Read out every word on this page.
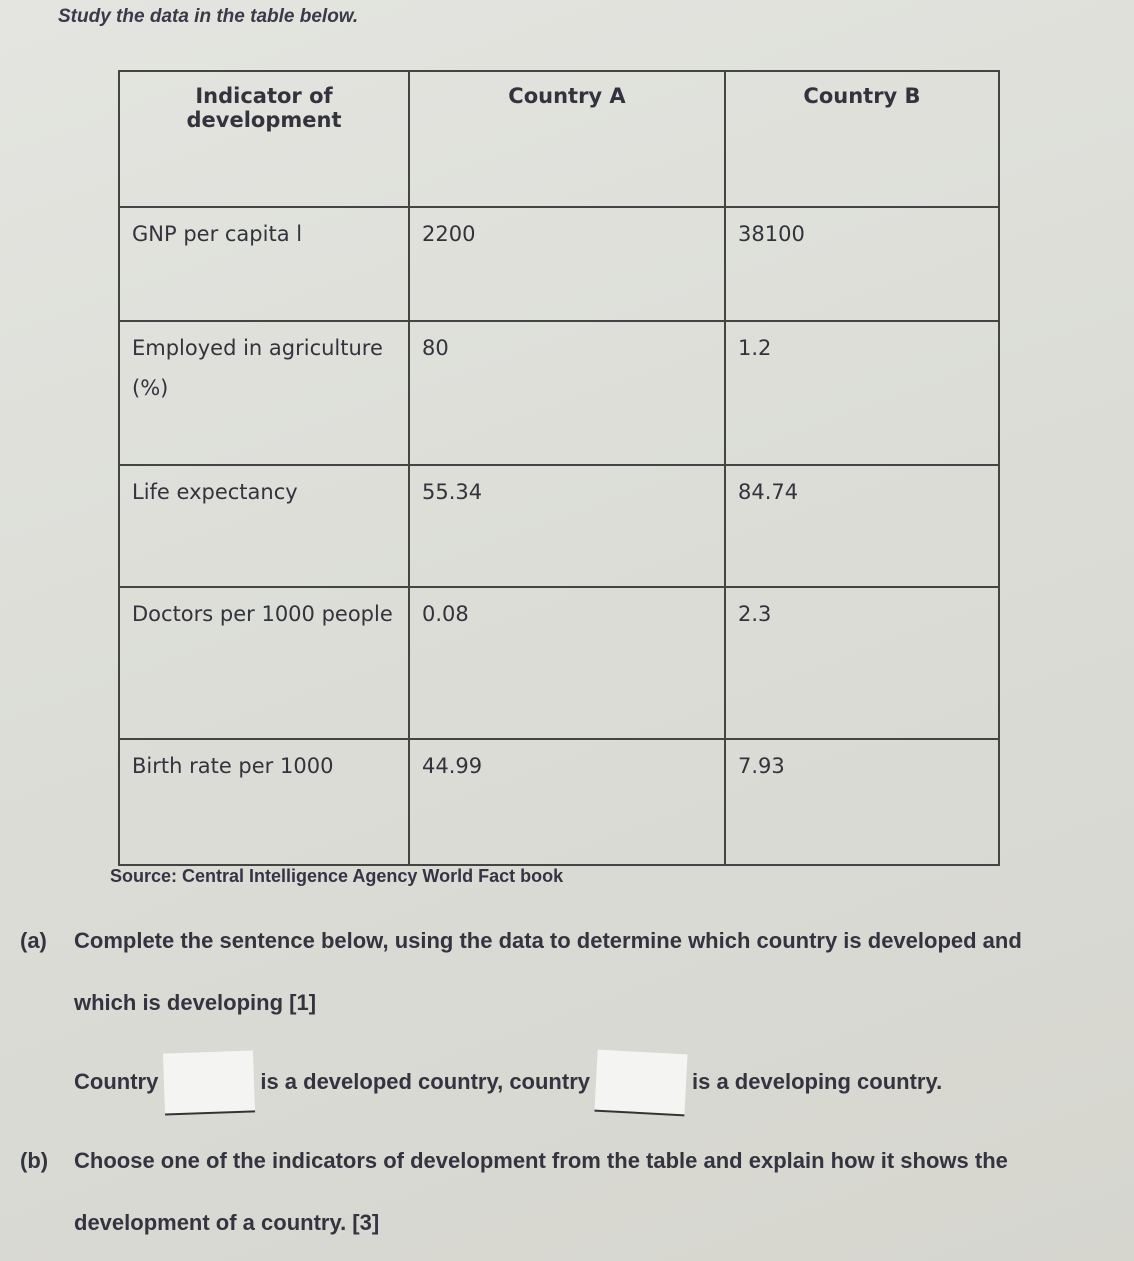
Study the data in the table below.
Indicator of development	Country A	Country B
GNP per capita l	2200	38100
Employed in agriculture (%)	80	1.2
Life expectancy	55.34	84.74
Doctors per 1000 people	0.08	2.3
Birth rate per 1000	44.99	7.93
Source: Central Intelligence Agency World Fact book
(a) Complete the sentence below, using the data to determine which country is developed and
which is developing [1]
Country	is a developed country, country	is a developing country.
(b) Choose one of the indicators of development from the table and explain how it shows the
development of a country. [3]
